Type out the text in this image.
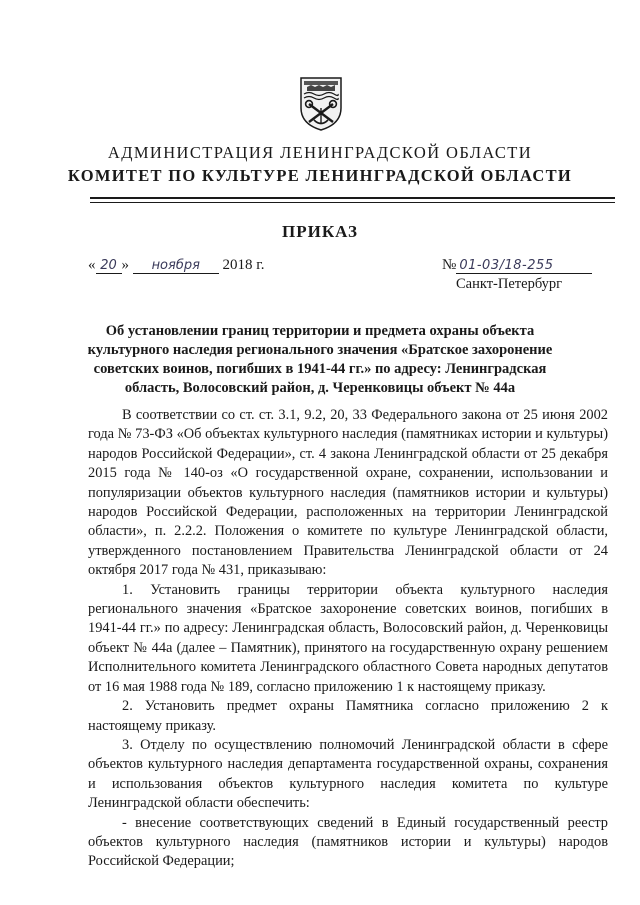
АДМИНИСТРАЦИЯ ЛЕНИНГРАДСКОЙ ОБЛАСТИ
КОМИТЕТ ПО КУЛЬТУРЕ ЛЕНИНГРАДСКОЙ ОБЛАСТИ
ПРИКАЗ
« 20 » ноября 2018 г.	№ 01-03/18-255
Санкт-Петербург
Об установлении границ территории и предмета охраны объекта
культурного наследия регионального значения «Братское захоронение
советских воинов, погибших в 1941-44 гг.» по адресу: Ленинградская
область, Волосовский район, д. Черенковицы объект № 44а

В соответствии со ст. ст. 3.1, 9.2, 20, 33 Федерального закона от 25 июня 2002 года № 73-ФЗ «Об объектах культурного наследия (памятниках истории и культуры) народов Российской Федерации», ст. 4 закона Ленинградской области от 25 декабря 2015 года № 140-оз «О государственной охране, сохранении, использовании и популяризации объектов культурного наследия (памятников истории и культуры) народов Российской Федерации, расположенных на территории Ленинградской области», п. 2.2.2. Положения о комитете по культуре Ленинградской области, утвержденного постановлением Правительства Ленинградской области от 24 октября 2017 года № 431, приказываю:

1. Установить границы территории объекта культурного наследия регионального значения «Братское захоронение советских воинов, погибших в 1941-44 гг.» по адресу: Ленинградская область, Волосовский район, д. Черенковицы объект № 44а (далее – Памятник), принятого на государственную охрану решением Исполнительного комитета Ленинградского областного Совета народных депутатов от 16 мая 1988 года № 189, согласно приложению 1 к настоящему приказу.

2. Установить предмет охраны Памятника согласно приложению 2 к настоящему приказу.

3. Отделу по осуществлению полномочий Ленинградской области в сфере объектов культурного наследия департамента государственной охраны, сохранения и использования объектов культурного наследия комитета по культуре Ленинградской области обеспечить:

- внесение соответствующих сведений в Единый государственный реестр объектов культурного наследия (памятников истории и культуры) народов Российской Федерации;
